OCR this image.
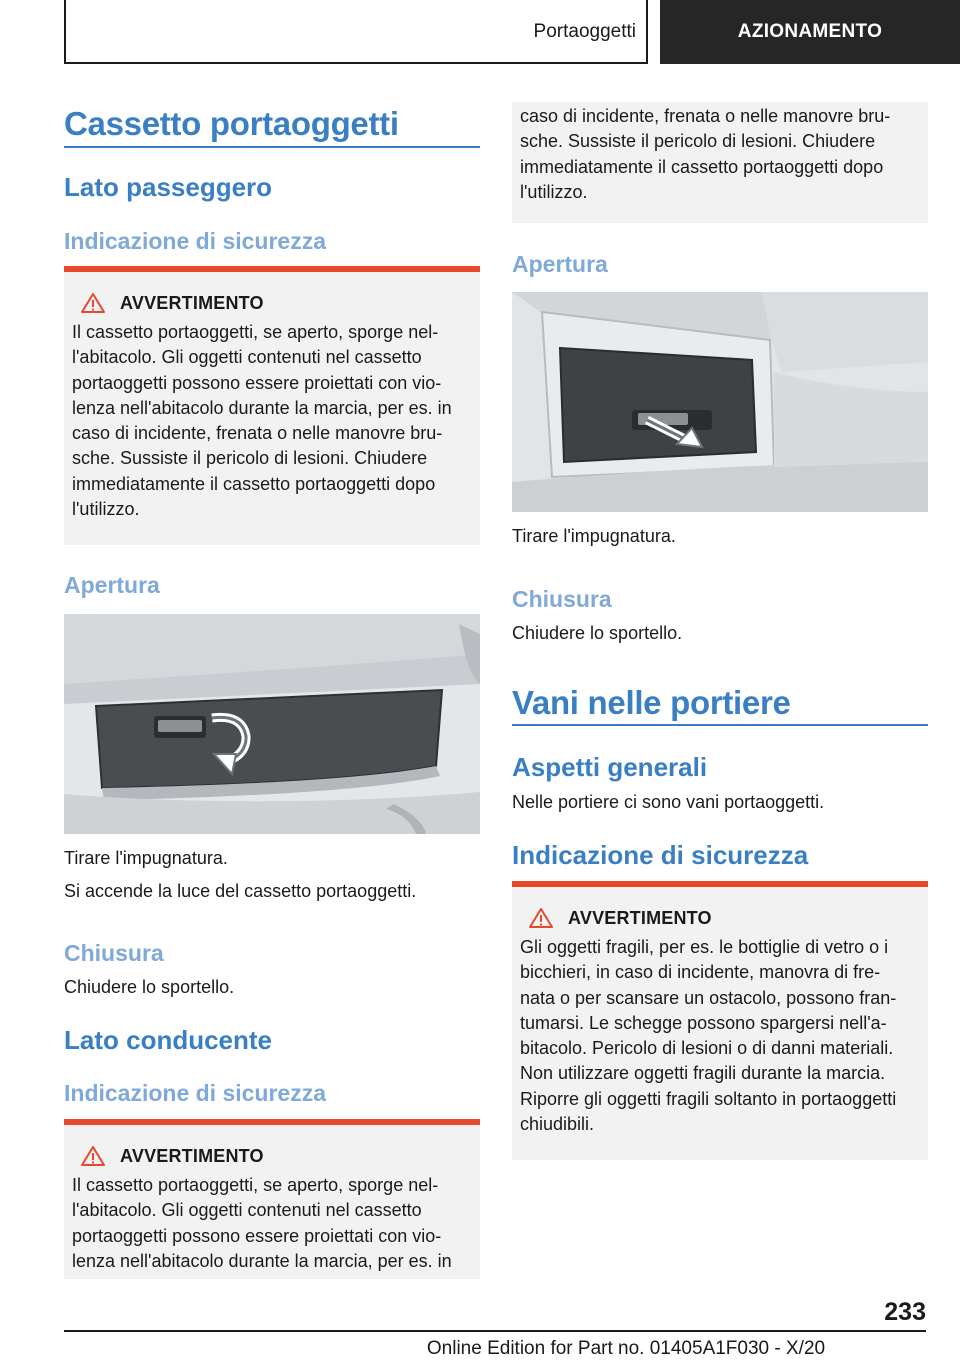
Portaoggetti	AZIONAMENTO
Cassetto portaoggetti
Lato passeggero
Indicazione di sicurezza
AVVERTIMENTO
Il cassetto portaoggetti, se aperto, sporge nel-
l'abitacolo. Gli oggetti contenuti nel cassetto
portaoggetti possono essere proiettati con vio-
lenza nell'abitacolo durante la marcia, per es. in
caso di incidente, frenata o nelle manovre bru-
sche. Sussiste il pericolo di lesioni. Chiudere
immediatamente il cassetto portaoggetti dopo
l'utilizzo.
Apertura
Tirare l'impugnatura.
Si accende la luce del cassetto portaoggetti.
Chiusura
Chiudere lo sportello.
Lato conducente
Indicazione di sicurezza
AVVERTIMENTO
Il cassetto portaoggetti, se aperto, sporge nel-
l'abitacolo. Gli oggetti contenuti nel cassetto
portaoggetti possono essere proiettati con vio-
lenza nell'abitacolo durante la marcia, per es. in
caso di incidente, frenata o nelle manovre bru-
sche. Sussiste il pericolo di lesioni. Chiudere
immediatamente il cassetto portaoggetti dopo
l'utilizzo.
Apertura
Tirare l'impugnatura.
Chiusura
Chiudere lo sportello.
Vani nelle portiere
Aspetti generali
Nelle portiere ci sono vani portaoggetti.
Indicazione di sicurezza
AVVERTIMENTO
Gli oggetti fragili, per es. le bottiglie di vetro o i
bicchieri, in caso di incidente, manovra di fre-
nata o per scansare un ostacolo, possono fran-
tumarsi. Le schegge possono spargersi nell'a-
bitacolo. Pericolo di lesioni o di danni materiali.
Non utilizzare oggetti fragili durante la marcia.
Riporre gli oggetti fragili soltanto in portaoggetti
chiudibili.
233
Online Edition for Part no. 01405A1F030 - X/20
